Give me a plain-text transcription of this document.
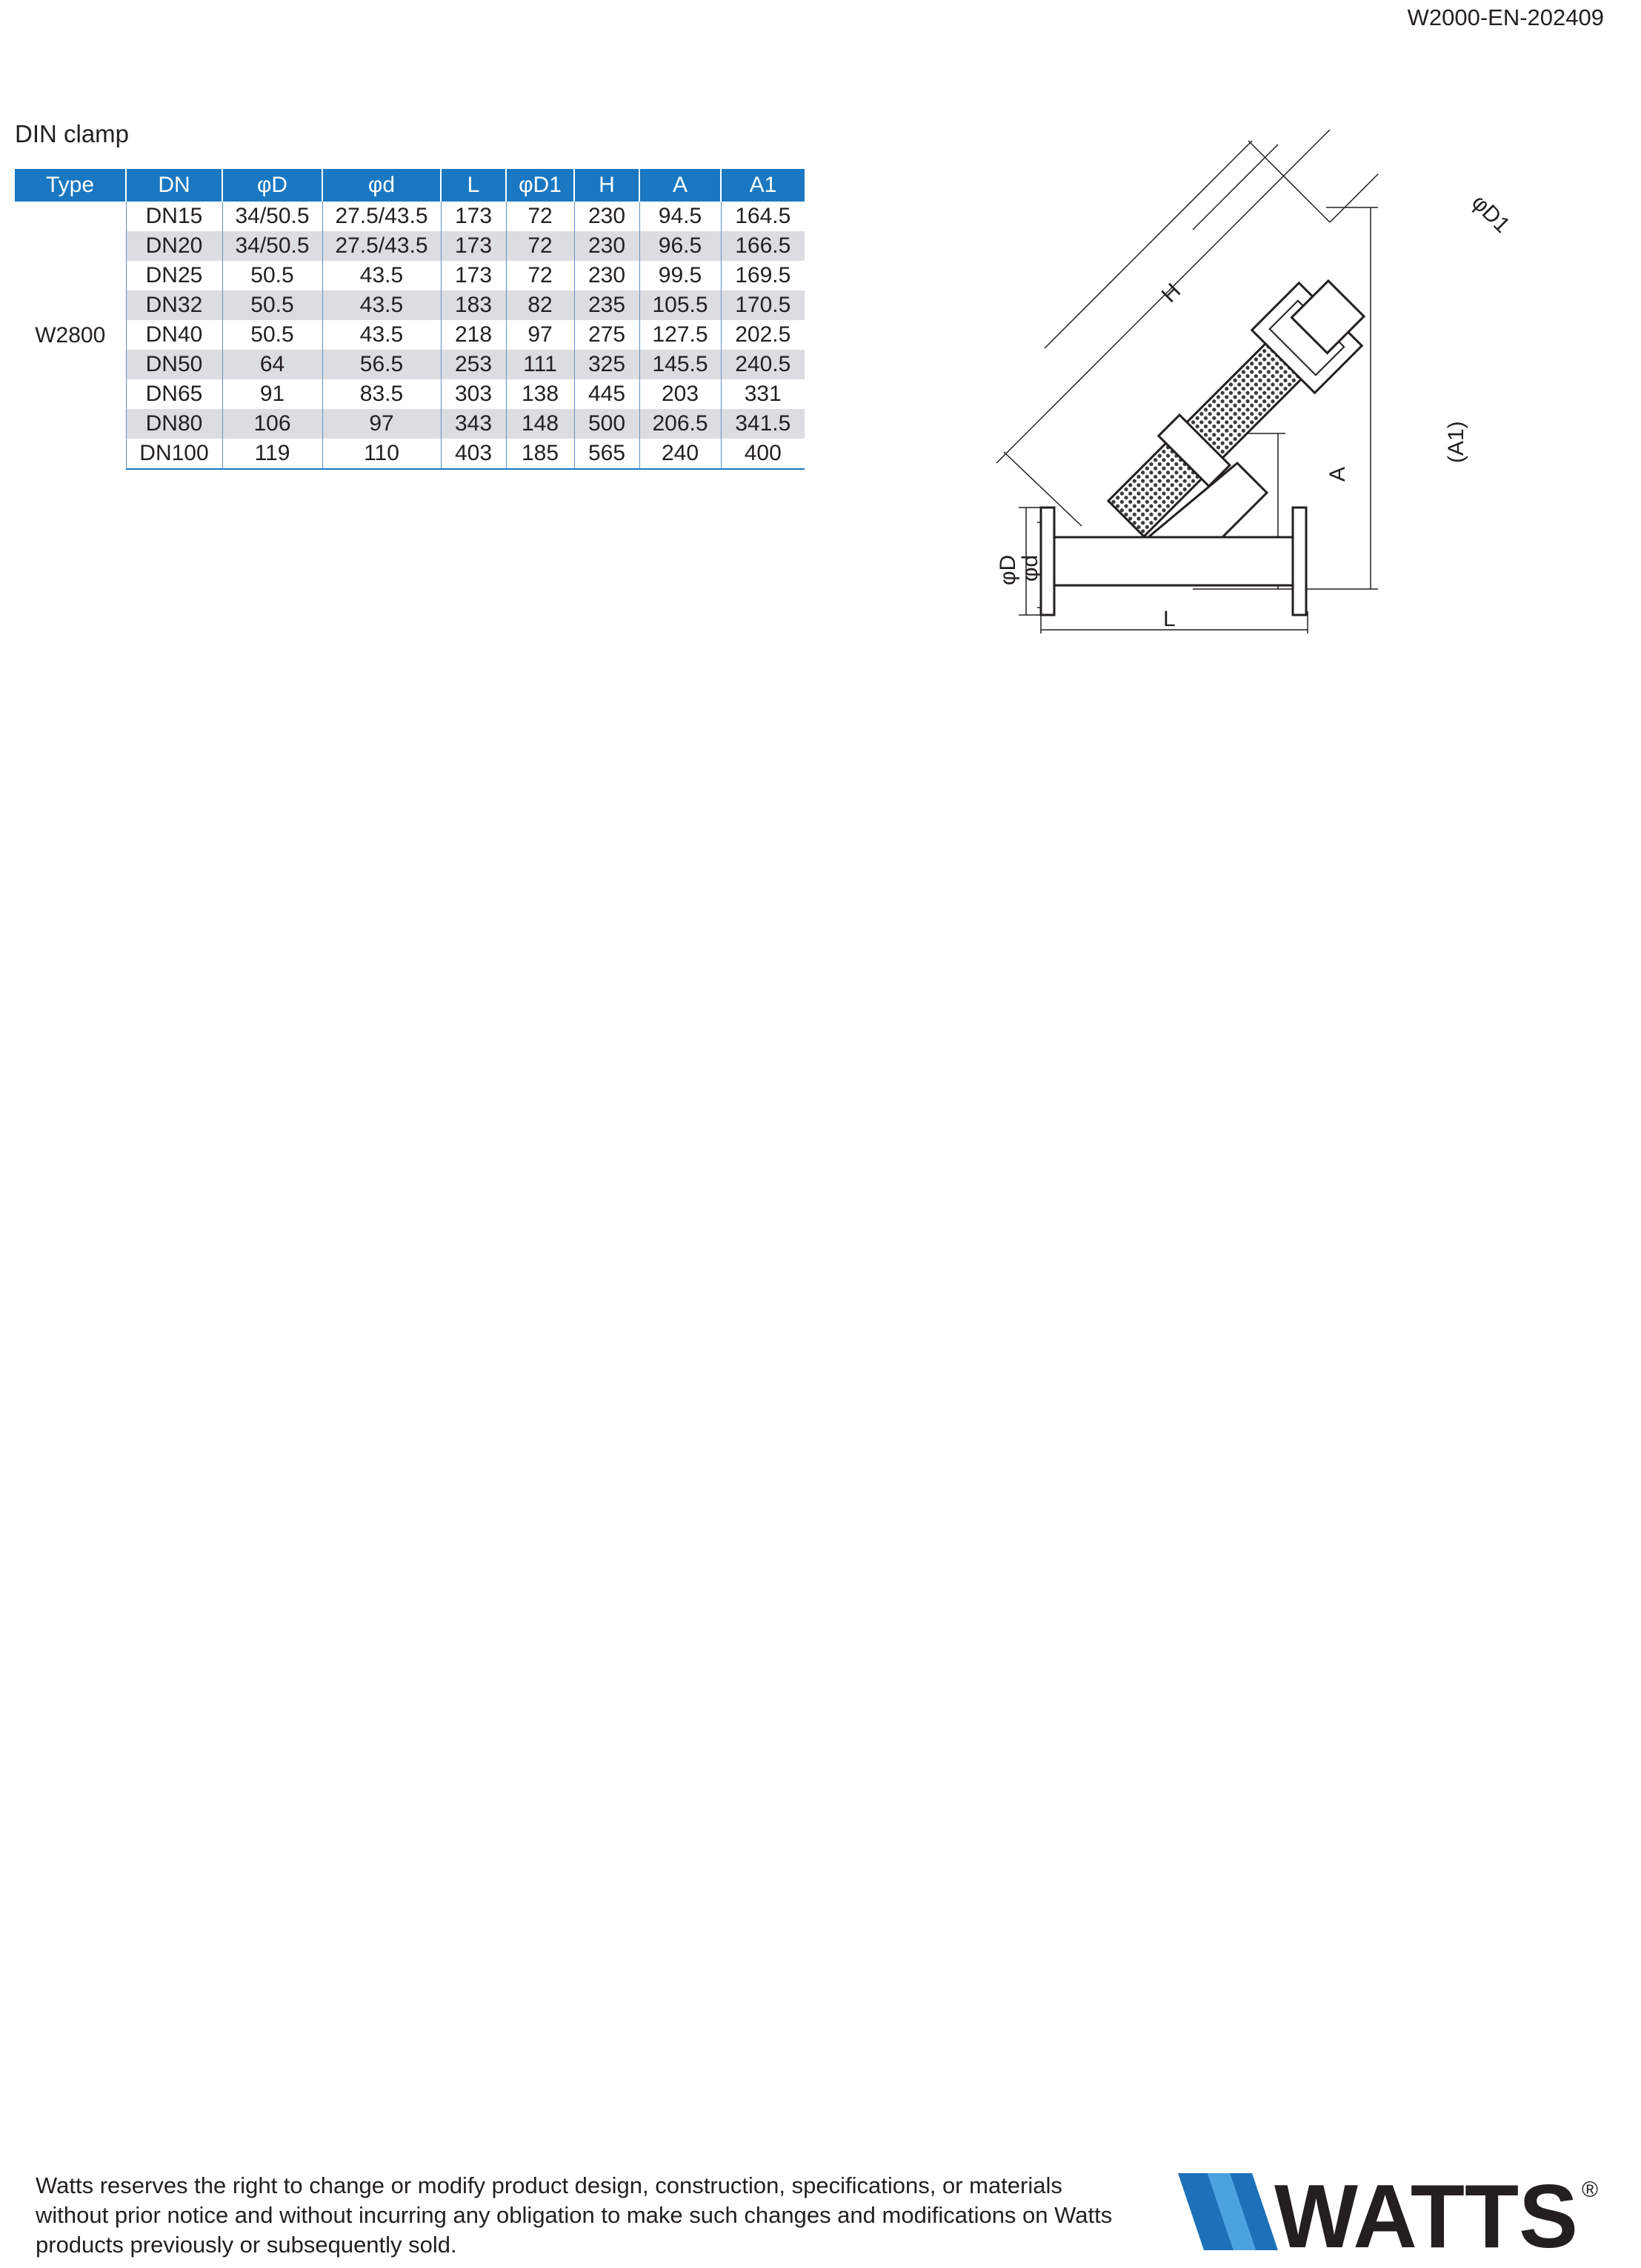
W2000-EN-202409
DIN clamp
Type	DN	φD	φd	L	φD1	H	A	A1
W2800	DN15	34/50.5	27.5/43.5	173	72	230	94.5	164.5
	DN20	34/50.5	27.5/43.5	173	72	230	96.5	166.5
	DN25	50.5	43.5	173	72	230	99.5	169.5
	DN32	50.5	43.5	183	82	235	105.5	170.5
	DN40	50.5	43.5	218	97	275	127.5	202.5
	DN50	64	56.5	253	111	325	145.5	240.5
	DN65	91	83.5	303	138	445	203	331
	DN80	106	97	343	148	500	206.5	341.5
	DN100	119	110	403	185	565	240	400
H
φD1
(A1)
A
φD
φd
L
Watts reserves the right to change or modify product design, construction, specifications, or materials without prior notice and without incurring any obligation to make such changes and modifications on Watts products previously or subsequently sold.	WATTS ®
